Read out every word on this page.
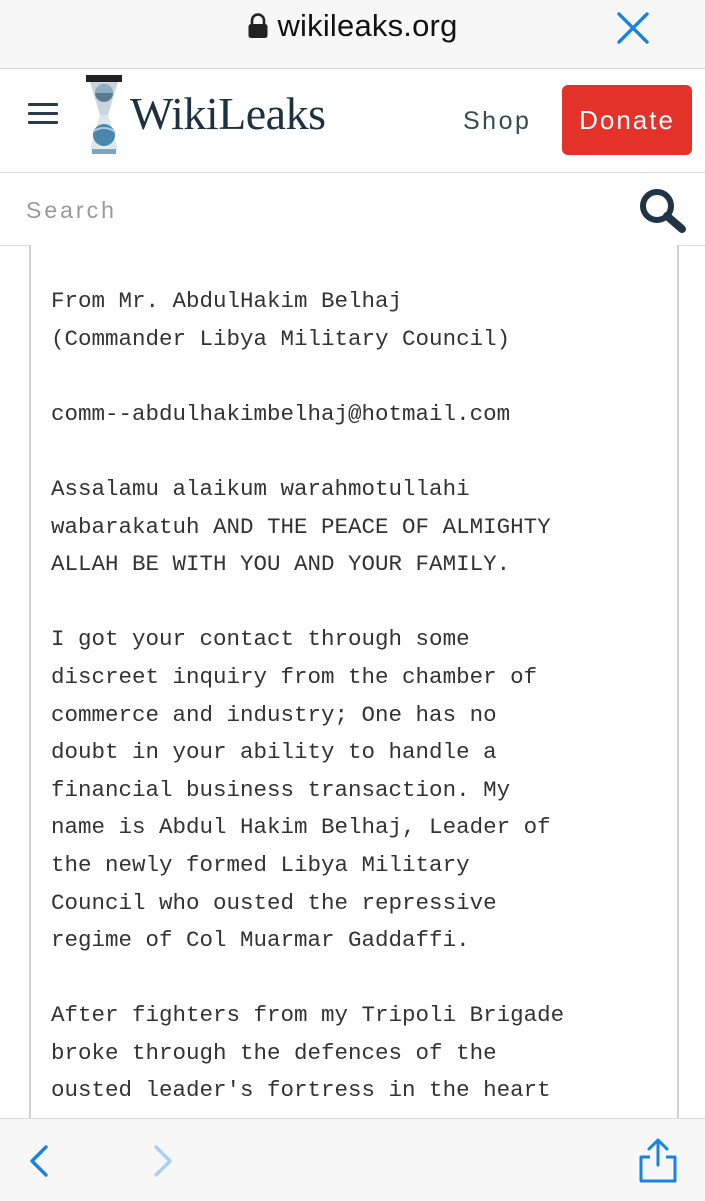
wikileaks.org
WikiLeaks	Shop	Donate
Search
From Mr. AbdulHakim Belhaj
(Commander Libya Military Council)

comm--abdulhakimbelhaj@hotmail.com

Assalamu alaikum warahmotullahi
wabarakatuh AND THE PEACE OF ALMIGHTY
ALLAH BE WITH YOU AND YOUR FAMILY.

I got your contact through some
discreet inquiry from the chamber of
commerce and industry; One has no
doubt in your ability to handle a
financial business transaction. My
name is Abdul Hakim Belhaj, Leader of
the newly formed Libya Military
Council who ousted the repressive
regime of Col Muarmar Gaddaffi.

After fighters from my Tripoli Brigade
broke through the defences of the
ousted leader's fortress in the heart
